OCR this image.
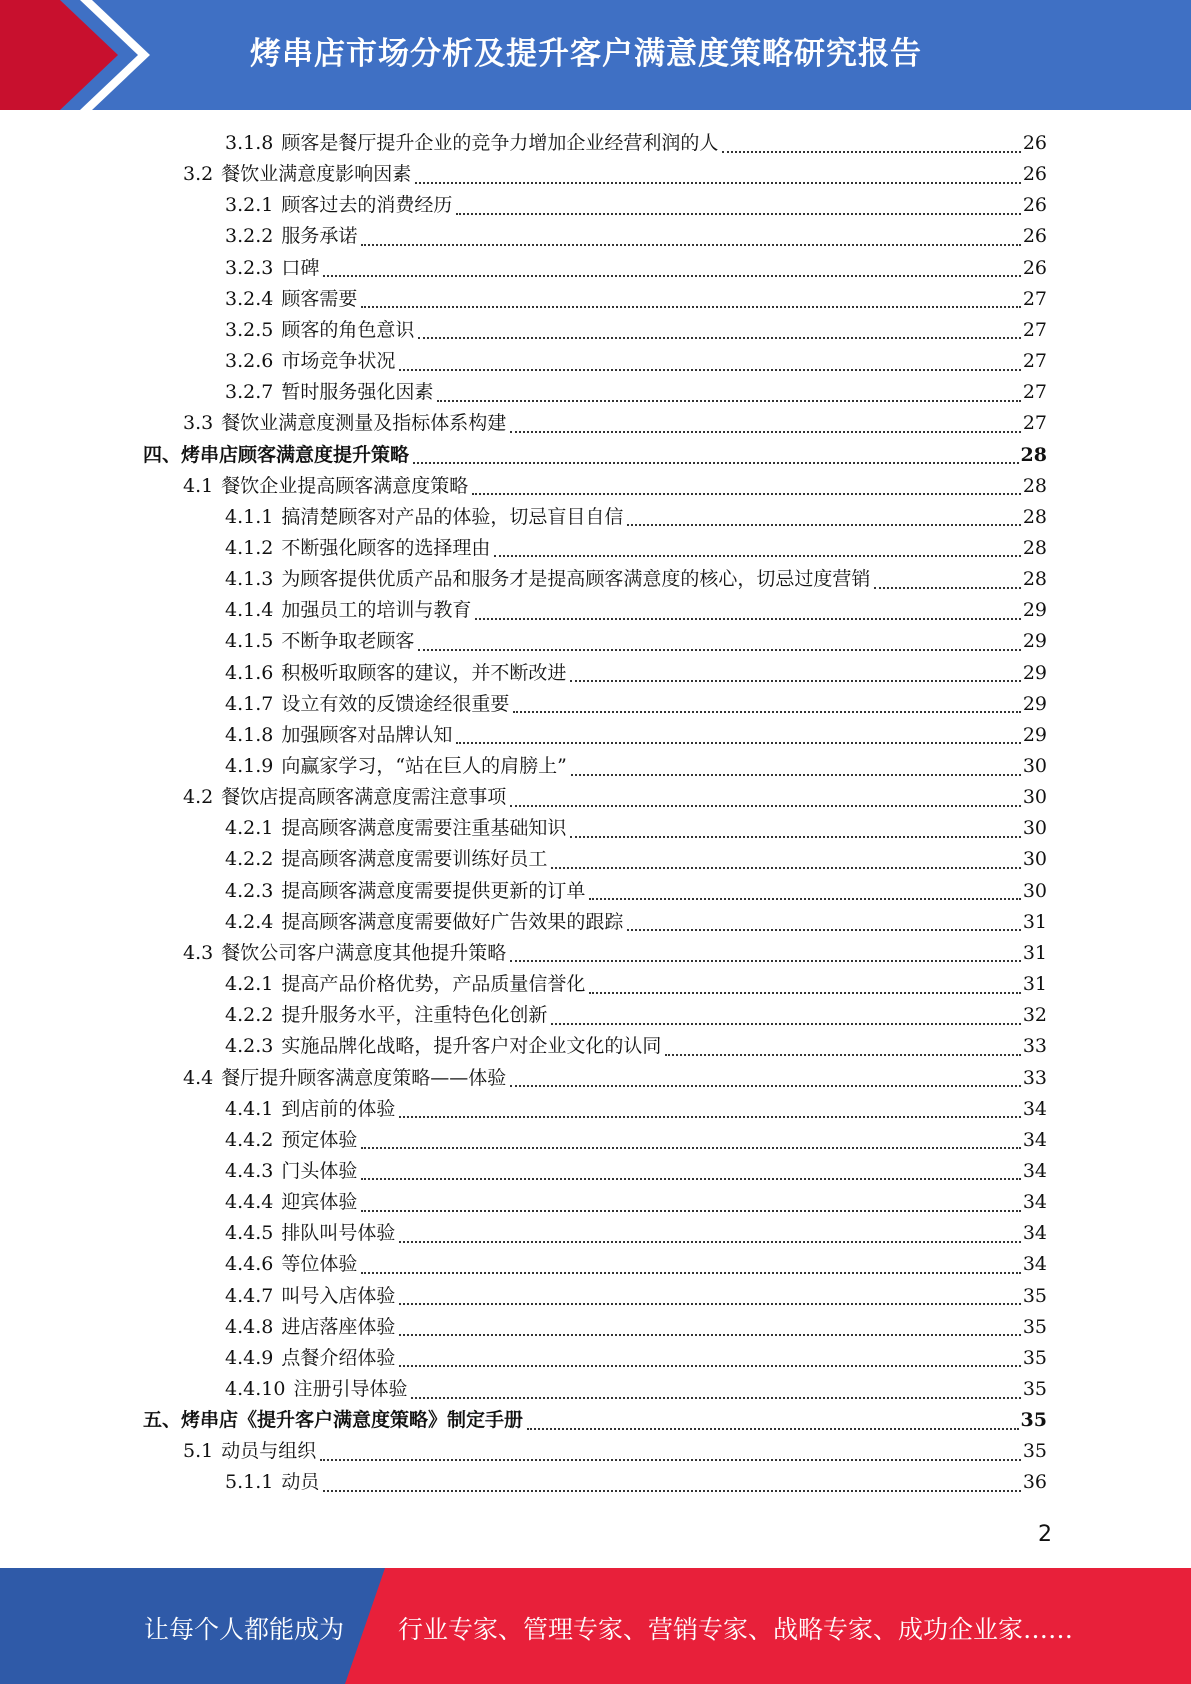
烤串店市场分析及提升客户满意度策略研究报告
3.1.8 顾客是餐厅提升企业的竞争力增加企业经营利润的人	26
3.2 餐饮业满意度影响因素	26
3.2.1 顾客过去的消费经历	26
3.2.2 服务承诺	26
3.2.3 口碑	26
3.2.4 顾客需要	27
3.2.5 顾客的角色意识	27
3.2.6 市场竞争状况	27
3.2.7 暂时服务强化因素	27
3.3 餐饮业满意度测量及指标体系构建	27
四、烤串店顾客满意度提升策略	28
4.1 餐饮企业提高顾客满意度策略	28
4.1.1 搞清楚顾客对产品的体验，切忌盲目自信	28
4.1.2 不断强化顾客的选择理由	28
4.1.3 为顾客提供优质产品和服务才是提高顾客满意度的核心，切忌过度营销	28
4.1.4 加强员工的培训与教育	29
4.1.5 不断争取老顾客	29
4.1.6 积极听取顾客的建议，并不断改进	29
4.1.7 设立有效的反馈途经很重要	29
4.1.8 加强顾客对品牌认知	29
4.1.9 向赢家学习，“站在巨人的肩膀上”	30
4.2 餐饮店提高顾客满意度需注意事项	30
4.2.1 提高顾客满意度需要注重基础知识	30
4.2.2 提高顾客满意度需要训练好员工	30
4.2.3 提高顾客满意度需要提供更新的订单	30
4.2.4 提高顾客满意度需要做好广告效果的跟踪	31
4.3 餐饮公司客户满意度其他提升策略	31
4.2.1 提高产品价格优势，产品质量信誉化	31
4.2.2 提升服务水平，注重特色化创新	32
4.2.3 实施品牌化战略，提升客户对企业文化的认同	33
4.4 餐厅提升顾客满意度策略——体验	33
4.4.1 到店前的体验	34
4.4.2 预定体验	34
4.4.3 门头体验	34
4.4.4 迎宾体验	34
4.4.5 排队叫号体验	34
4.4.6 等位体验	34
4.4.7 叫号入店体验	35
4.4.8 进店落座体验	35
4.4.9 点餐介绍体验	35
4.4.10 注册引导体验	35
五、烤串店《提升客户满意度策略》制定手册	35
5.1 动员与组织	35
5.1.1 动员	36
2
让每个人都能成为 行业专家、管理专家、营销专家、战略专家、成功企业家……
